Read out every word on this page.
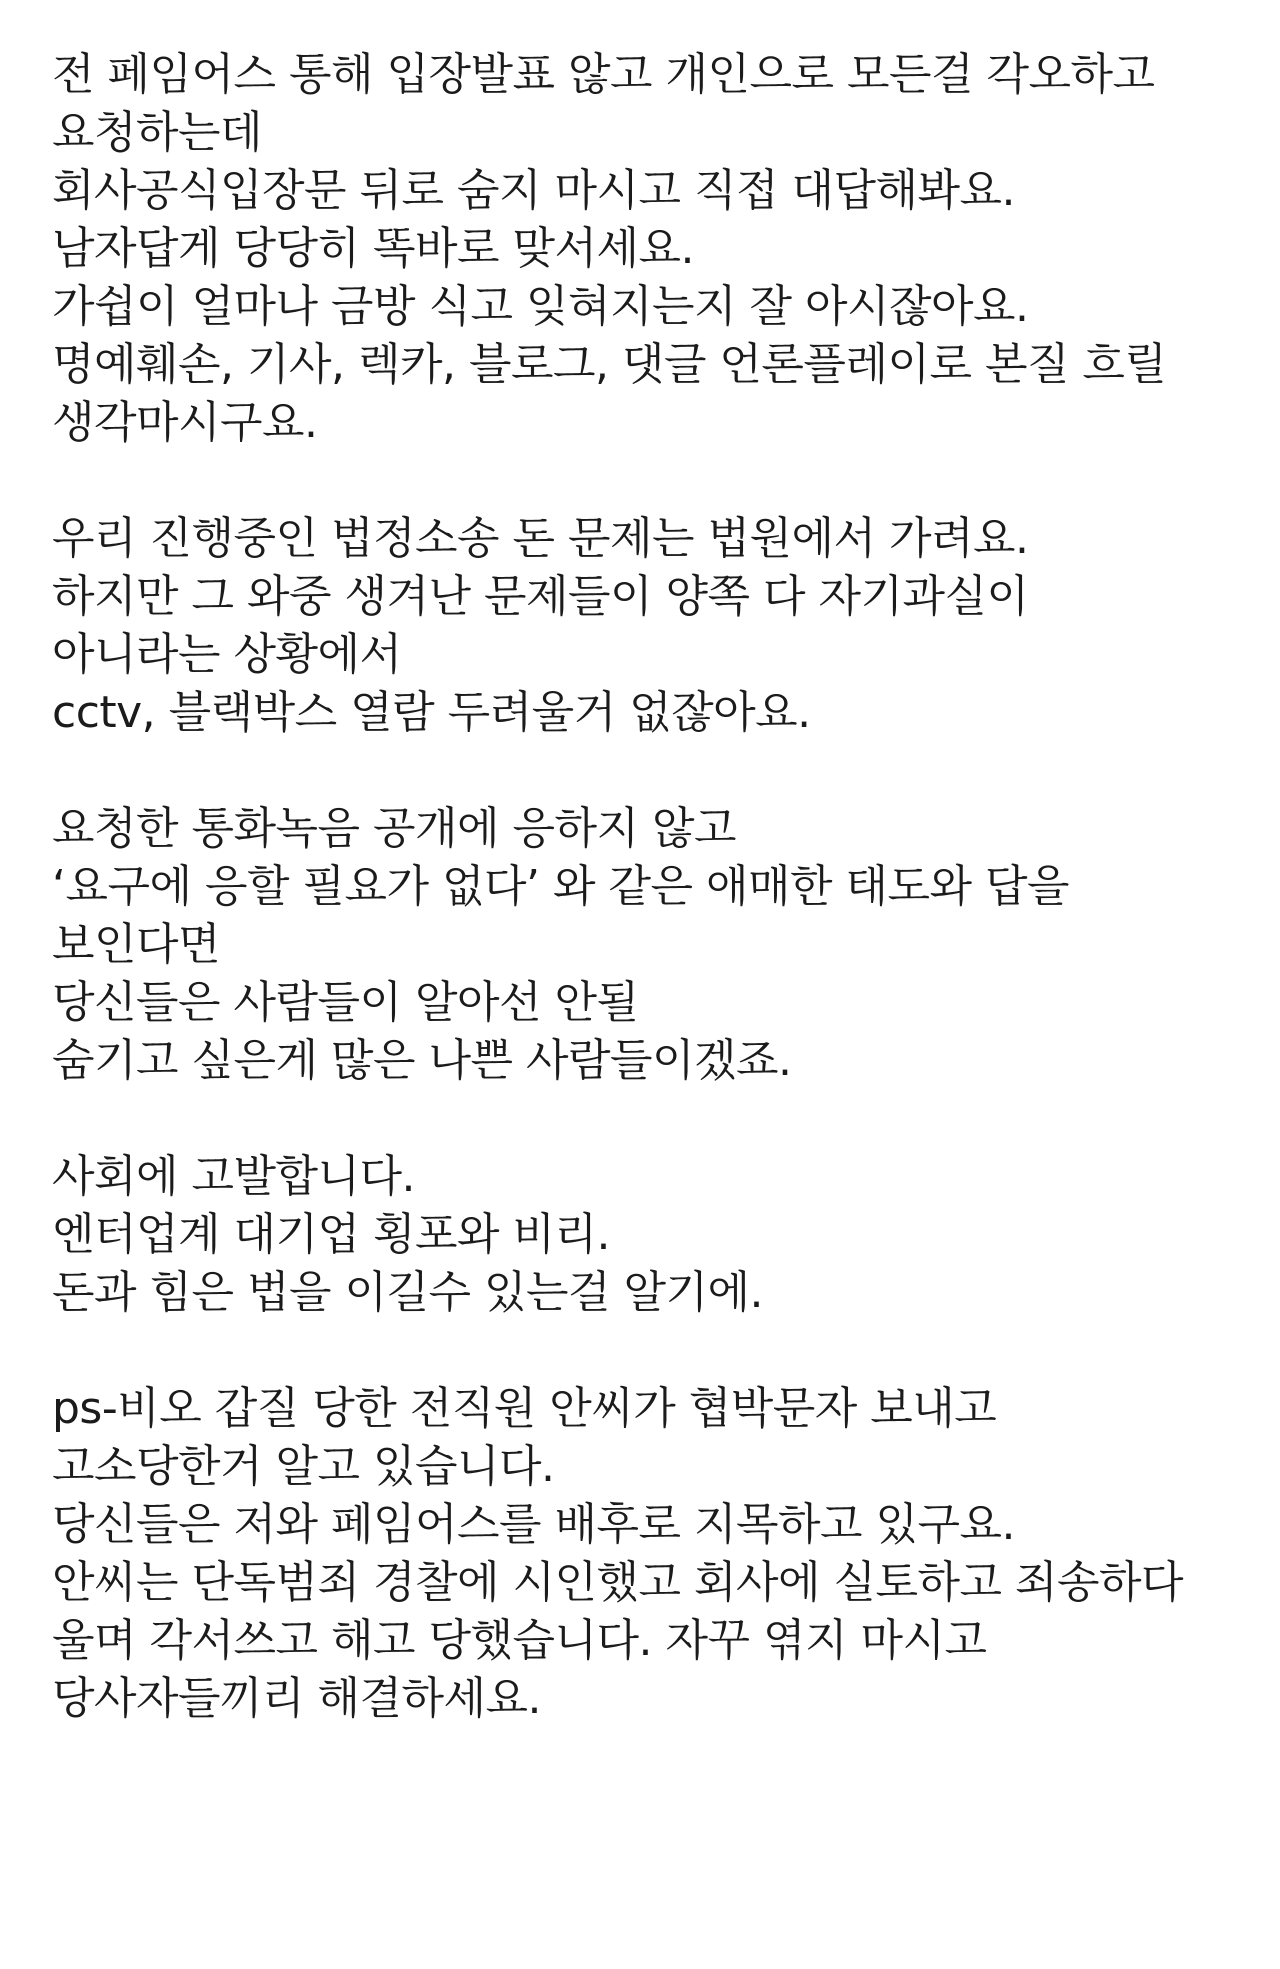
전 페임어스 통해 입장발표 않고 개인으로 모든걸 각오하고
요청하는데
회사공식입장문 뒤로 숨지 마시고 직접 대답해봐요.
남자답게 당당히 똑바로 맞서세요.
가쉽이 얼마나 금방 식고 잊혀지는지 잘 아시잖아요.
명예훼손, 기사, 렉카, 블로그, 댓글 언론플레이로 본질 흐릴
생각마시구요.
우리 진행중인 법정소송 돈 문제는 법원에서 가려요.
하지만 그 와중 생겨난 문제들이 양쪽 다 자기과실이
아니라는 상황에서
cctv, 블랙박스 열람 두려울거 없잖아요.
요청한 통화녹음 공개에 응하지 않고
‘요구에 응할 필요가 없다’ 와 같은 애매한 태도와 답을
보인다면
당신들은 사람들이 알아선 안될
숨기고 싶은게 많은 나쁜 사람들이겠죠.
사회에 고발합니다.
엔터업계 대기업 횡포와 비리.
돈과 힘은 법을 이길수 있는걸 알기에.
ps-비오 갑질 당한 전직원 안씨가 협박문자 보내고
고소당한거 알고 있습니다.
당신들은 저와 페임어스를 배후로 지목하고 있구요.
안씨는 단독범죄 경찰에 시인했고 회사에 실토하고 죄송하다
울며 각서쓰고 해고 당했습니다. 자꾸 엮지 마시고
당사자들끼리 해결하세요.
